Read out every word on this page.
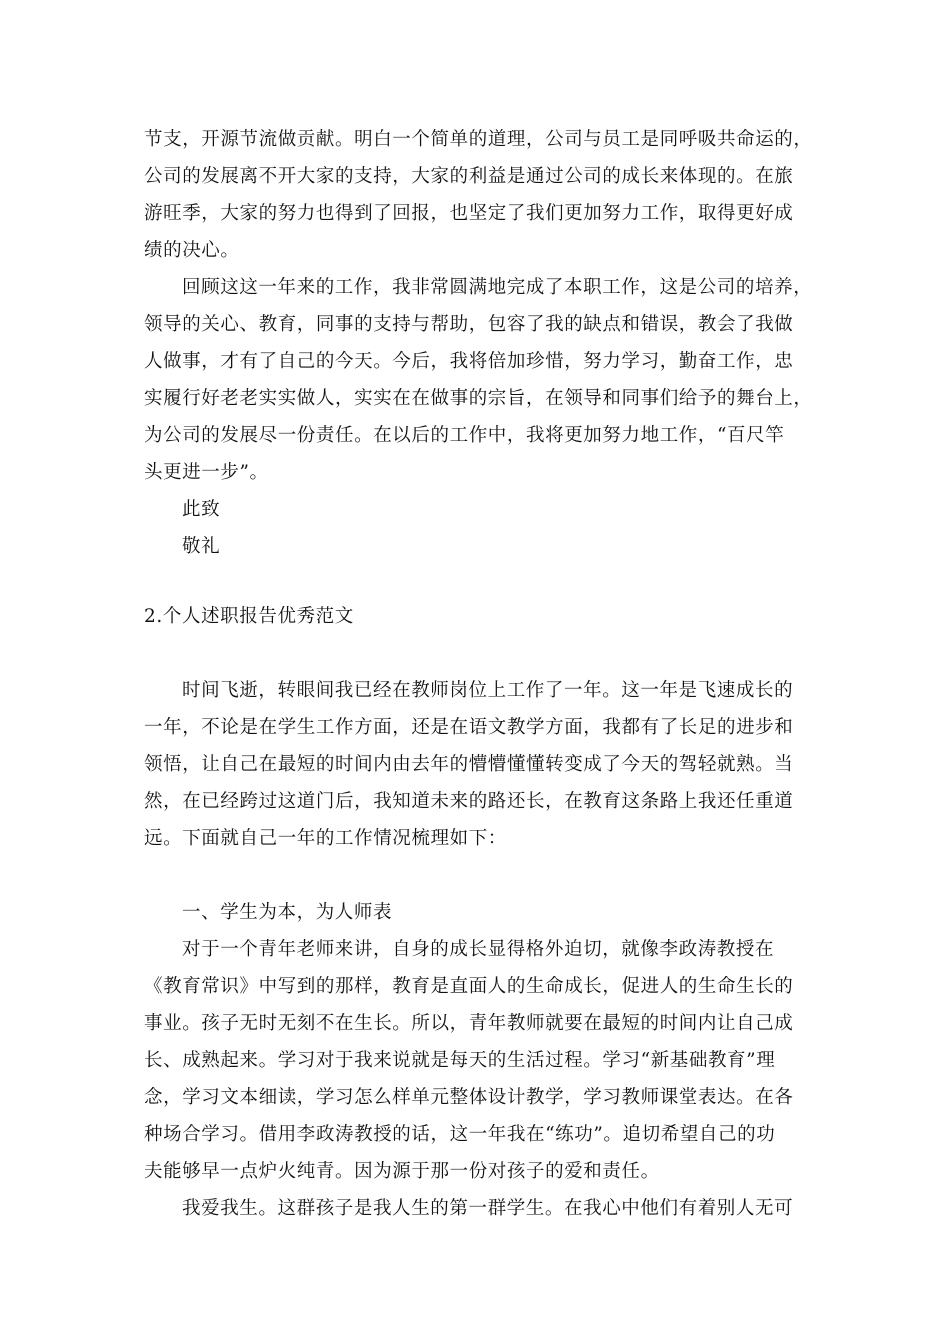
节支，开源节流做贡献。明白一个简单的道理，公司与员工是同呼吸共命运的，
公司的发展离不开大家的支持，大家的利益是通过公司的成长来体现的。在旅
游旺季，大家的努力也得到了回报，也坚定了我们更加努力工作，取得更好成
绩的决心。
回顾这这一年来的工作，我非常圆满地完成了本职工作，这是公司的培养，
领导的关心、教育，同事的支持与帮助，包容了我的缺点和错误，教会了我做
人做事，才有了自己的今天。今后，我将倍加珍惜，努力学习，勤奋工作，忠
实履行好老老实实做人，实实在在做事的宗旨，在领导和同事们给予的舞台上，
为公司的发展尽一份责任。在以后的工作中，我将更加努力地工作，“百尺竿
头更进一步”。
此致
敬礼
2.个人述职报告优秀范文
时间飞逝，转眼间我已经在教师岗位上工作了一年。这一年是飞速成长的
一年，不论是在学生工作方面，还是在语文教学方面，我都有了长足的进步和
领悟，让自己在最短的时间内由去年的懵懵懂懂转变成了今天的驾轻就熟。当
然，在已经跨过这道门后，我知道未来的路还长，在教育这条路上我还任重道
远。下面就自己一年的工作情况梳理如下：
一、学生为本，为人师表
对于一个青年老师来讲，自身的成长显得格外迫切，就像李政涛教授在
《教育常识》中写到的那样，教育是直面人的生命成长，促进人的生命生长的
事业。孩子无时无刻不在生长。所以，青年教师就要在最短的时间内让自己成
长、成熟起来。学习对于我来说就是每天的生活过程。学习“新基础教育”理
念，学习文本细读，学习怎么样单元整体设计教学，学习教师课堂表达。在各
种场合学习。借用李政涛教授的话，这一年我在“练功”。追切希望自己的功
夫能够早一点炉火纯青。因为源于那一份对孩子的爱和责任。
我爱我生。这群孩子是我人生的第一群学生。在我心中他们有着别人无可
